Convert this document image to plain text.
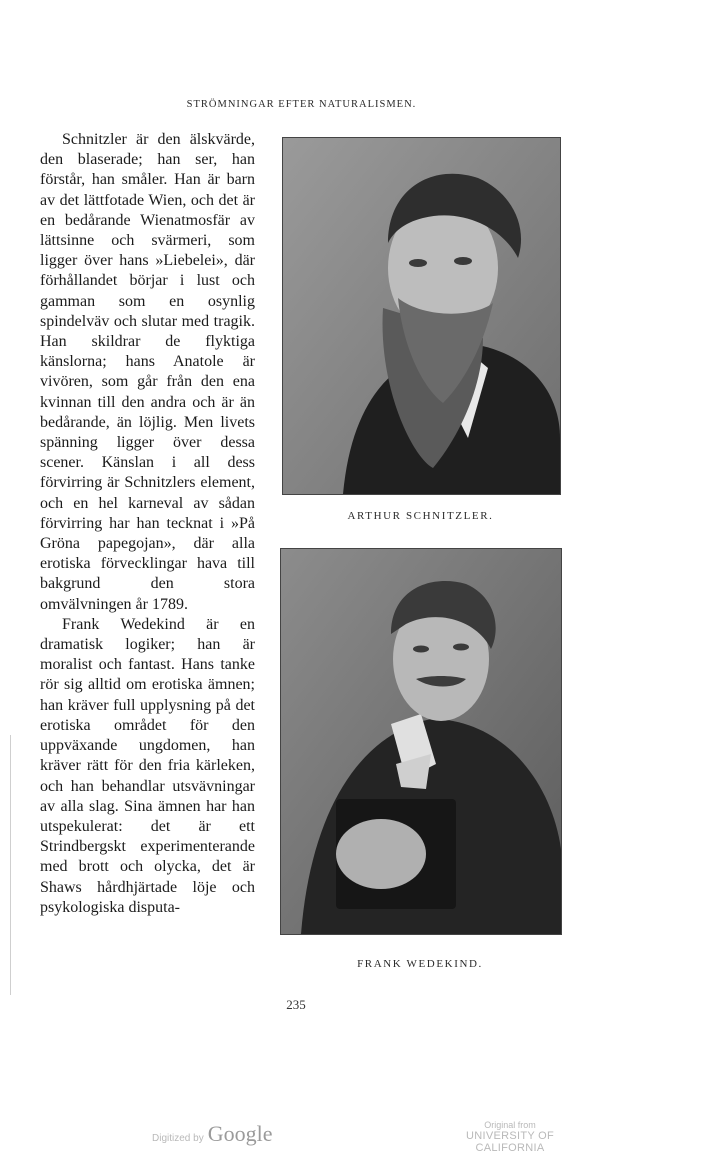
STRÖMNINGAR EFTER NATURALISMEN.

Schnitzler är den älskvärde, den blaserade; han ser, han förstår, han småler. Han är barn av det lättfotade Wien, och det är en bedårande Wienatmosfär av lättsinne och svärmeri, som ligger över hans »Liebelei», där förhållandet börjar i lust och gamman som en osynlig spindelväv och slutar med tragik. Han skildrar de flyktiga känslorna; hans Anatole är vivören, som går från den ena kvinnan till den andra och är än bedårande, än löjlig. Men livets spänning ligger över dessa scener. Känslan i all dess förvirring är Schnitzlers element, och en hel karneval av sådan förvirring har han tecknat i »På Gröna papegojan», där alla erotiska förvecklingar hava till bakgrund den stora omvälvningen år 1789.

Frank Wedekind är en dramatisk logiker; han är moralist och fantast. Hans tanke rör sig alltid om erotiska ämnen; han kräver full upplysning på det erotiska området för den uppväxande ungdomen, han kräver rätt för den fria kärleken, och han behandlar utsvävningar av alla slag. Sina ämnen har han utspekulerat: det är ett Strindbergskt experimenterande med brott och olycka, det är Shaws hårdhjärtade löje och psykologiska disputa-

ARTHUR SCHNITZLER.
FRANK WEDEKIND.
235
Digitized by Google	Original from
UNIVERSITY OF CALIFORNIA
